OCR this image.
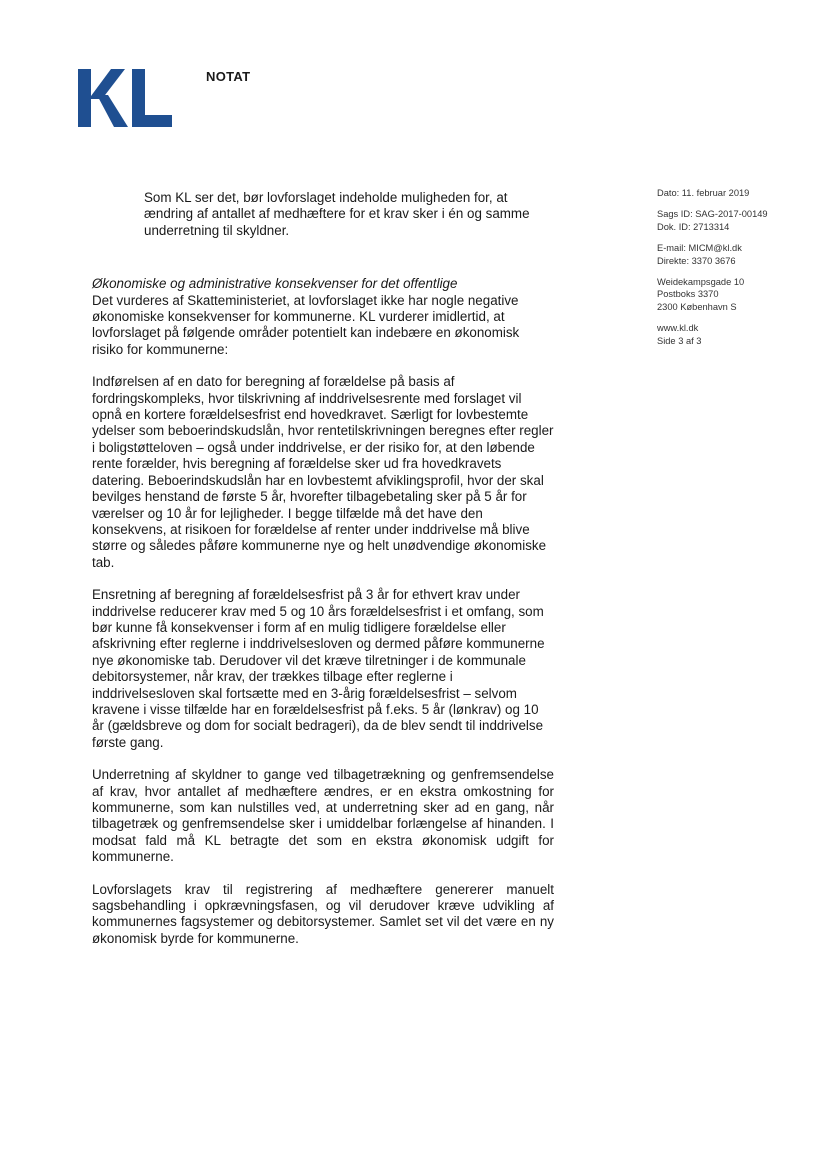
NOTAT
Dato: 11. februar 2019
Sags ID: SAG-2017-00149
Dok. ID: 2713314
E-mail: MICM@kl.dk
Direkte: 3370 3676
Weidekampsgade 10
Postboks 3370
2300 København S
www.kl.dk
Side 3 af 3

Som KL ser det, bør lovforslaget indeholde muligheden for, at ændring af antallet af medhæftere for et krav sker i én og samme underretning til skyldner.

Økonomiske og administrative konsekvenser for det offentlige

Det vurderes af Skatteministeriet, at lovforslaget ikke har nogle negative økonomiske konsekvenser for kommunerne. KL vurderer imidlertid, at lovforslaget på følgende områder potentielt kan indebære en økonomisk risiko for kommunerne:

Indførelsen af en dato for beregning af forældelse på basis af fordringskompleks, hvor tilskrivning af inddrivelsesrente med forslaget vil opnå en kortere forældelsesfrist end hovedkravet. Særligt for lovbestemte ydelser som beboerindskudslån, hvor rentetilskrivningen beregnes efter regler i boligstøtteloven – også under inddrivelse, er der risiko for, at den løbende rente forælder, hvis beregning af forældelse sker ud fra hovedkravets datering. Beboerindskudslån har en lovbestemt afviklingsprofil, hvor der skal bevilges henstand de første 5 år, hvorefter tilbagebetaling sker på 5 år for værelser og 10 år for lejligheder. I begge tilfælde må det have den konsekvens, at risikoen for forældelse af renter under inddrivelse må blive større og således påføre kommunerne nye og helt unødvendige økonomiske tab.

Ensretning af beregning af forældelsesfrist på 3 år for ethvert krav under inddrivelse reducerer krav med 5 og 10 års forældelsesfrist i et omfang, som bør kunne få konsekvenser i form af en mulig tidligere forældelse eller afskrivning efter reglerne i inddrivelsesloven og dermed påføre kommunerne nye økonomiske tab. Derudover vil det kræve tilretninger i de kommunale debitorsystemer, når krav, der trækkes tilbage efter reglerne i inddrivelsesloven skal fortsætte med en 3-årig forældelsesfrist – selvom kravene i visse tilfælde har en forældelsesfrist på f.eks. 5 år (lønkrav) og 10 år (gældsbreve og dom for socialt bedrageri), da de blev sendt til inddrivelse første gang.

Underretning af skyldner to gange ved tilbagetrækning og genfremsendelse af krav, hvor antallet af medhæftere ændres, er en ekstra omkostning for kommunerne, som kan nulstilles ved, at underretning sker ad en gang, når tilbagetræk og genfremsendelse sker i umiddelbar forlængelse af hinanden. I modsat fald må KL betragte det som en ekstra økonomisk udgift for kommunerne.

Lovforslagets krav til registrering af medhæftere genererer manuelt sagsbehandling i opkrævningsfasen, og vil derudover kræve udvikling af kommunernes fagsystemer og debitorsystemer. Samlet set vil det være en ny økonomisk byrde for kommunerne.
